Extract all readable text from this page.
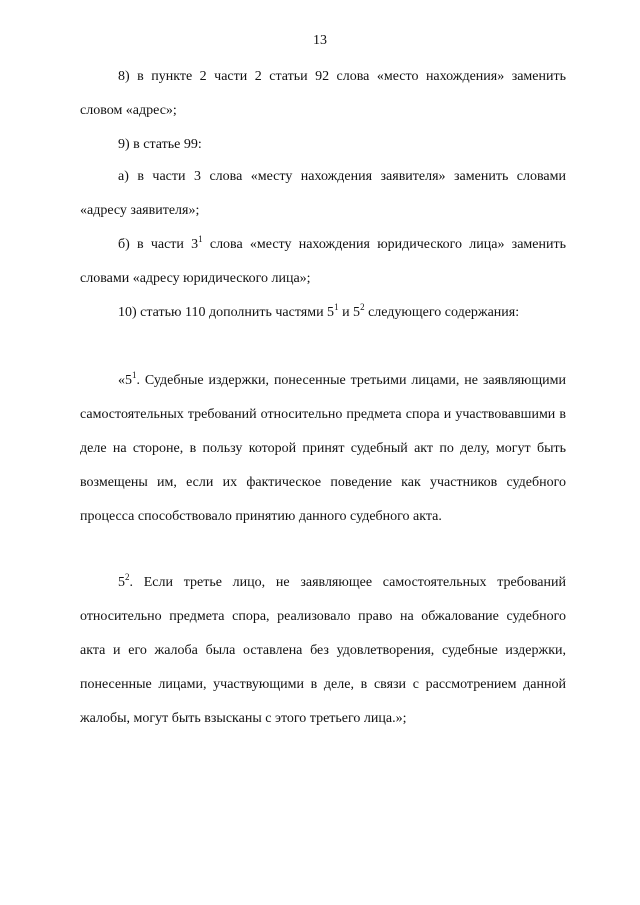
13

8) в пункте 2 части 2 статьи 92 слова «место нахождения» заменить словом «адрес»;

9) в статье 99:

а) в части 3 слова «месту нахождения заявителя» заменить словами «адресу заявителя»;

б) в части $3^1$ слова «месту нахождения юридического лица» заменить словами «адресу юридического лица»;

10) статью 110 дополнить частями $5^1$ и $5^2$ следующего содержания:

«$5^1$. Судебные издержки, понесенные третьими лицами, не заявляющими самостоятельных требований относительно предмета спора и участвовавшими в деле на стороне, в пользу которой принят судебный акт по делу, могут быть возмещены им, если их фактическое поведение как участников судебного процесса способствовало принятию данного судебного акта.

$5^2$. Если третье лицо, не заявляющее самостоятельных требований относительно предмета спора, реализовало право на обжалование судебного акта и его жалоба была оставлена без удовлетворения, судебные издержки, понесенные лицами, участвующими в деле, в связи с рассмотрением данной жалобы, могут быть взысканы с этого третьего лица.»;
